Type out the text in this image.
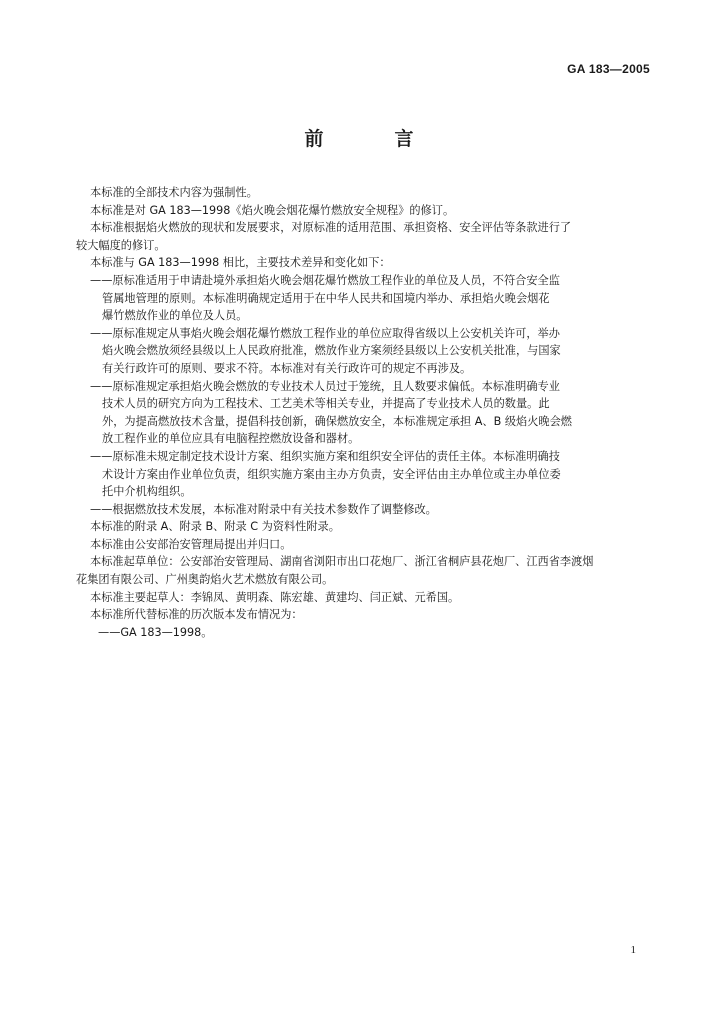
GA 183—2005
前　言

本标准的全部技术内容为强制性。

本标准是对 GA 183—1998《焰火晚会烟花爆竹燃放安全规程》的修订。

本标准根据焰火燃放的现状和发展要求，对原标准的适用范围、承担资格、安全评估等条款进行了

较大幅度的修订。

本标准与 GA 183—1998 相比，主要技术差异和变化如下：

——原标准适用于申请赴境外承担焰火晚会烟花爆竹燃放工程作业的单位及人员，不符合安全监

管属地管理的原则。本标准明确规定适用于在中华人民共和国境内举办、承担焰火晚会烟花

爆竹燃放作业的单位及人员。

——原标准规定从事焰火晚会烟花爆竹燃放工程作业的单位应取得省级以上公安机关许可，举办

焰火晚会燃放须经县级以上人民政府批准，燃放作业方案须经县级以上公安机关批准，与国家

有关行政许可的原则、要求不符。本标准对有关行政许可的规定不再涉及。

——原标准规定承担焰火晚会燃放的专业技术人员过于笼统，且人数要求偏低。本标准明确专业

技术人员的研究方向为工程技术、工艺美术等相关专业，并提高了专业技术人员的数量。此

外，为提高燃放技术含量，提倡科技创新，确保燃放安全，本标准规定承担 A、B 级焰火晚会燃

放工程作业的单位应具有电脑程控燃放设备和器材。

——原标准未规定制定技术设计方案、组织实施方案和组织安全评估的责任主体。本标准明确技

术设计方案由作业单位负责，组织实施方案由主办方负责，安全评估由主办单位或主办单位委

托中介机构组织。

——根据燃放技术发展，本标准对附录中有关技术参数作了调整修改。

本标准的附录 A、附录 B、附录 C 为资料性附录。

本标准由公安部治安管理局提出并归口。

本标准起草单位：公安部治安管理局、湖南省浏阳市出口花炮厂、浙江省桐庐县花炮厂、江西省李渡烟

花集团有限公司、广州奥韵焰火艺术燃放有限公司。

本标准主要起草人：李锦凤、黄明森、陈宏雄、黄建均、闫正斌、元希国。

本标准所代替标准的历次版本发布情况为：

——GA 183—1998。

1
